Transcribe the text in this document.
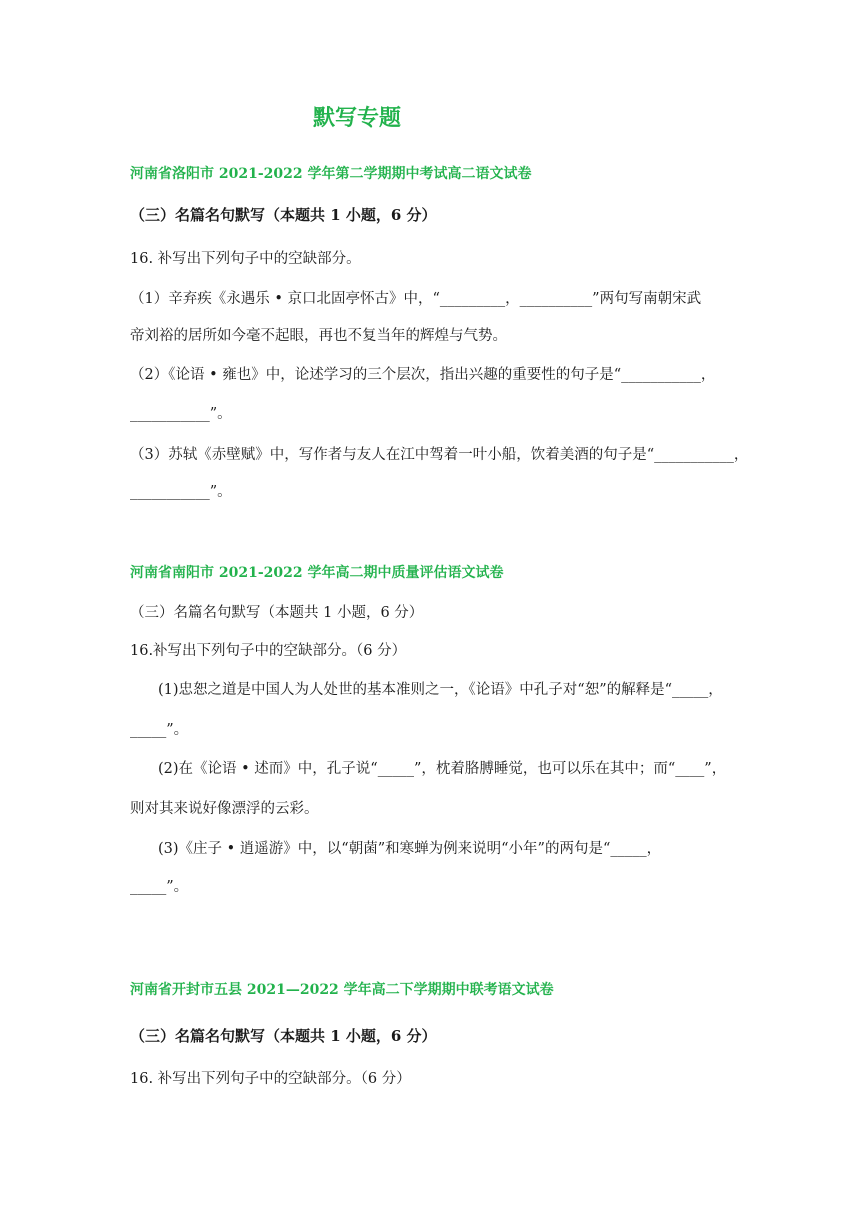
默写专题
河南省洛阳市 2021-2022 学年第二学期期中考试高二语文试卷
（三）名篇名句默写（本题共 1 小题，6 分）
16. 补写出下列句子中的空缺部分。
（1）辛弃疾《永遇乐 • 京口北固亭怀古》中，“_________，__________”两句写南朝宋武
帝刘裕的居所如今毫不起眼，再也不复当年的辉煌与气势。
（2）《论语 • 雍也》中，论述学习的三个层次，指出兴趣的重要性的句子是“___________，
___________”。
（3）苏轼《赤壁赋》中，写作者与友人在江中驾着一叶小船，饮着美酒的句子是“___________，
___________”。
河南省南阳市 2021-2022 学年高二期中质量评估语文试卷
（三）名篇名句默写（本题共 1 小题，6 分）
16.补写出下列句子中的空缺部分。（6 分）
(1)忠恕之道是中国人为人处世的基本准则之一，《论语》中孔子对“恕”的解释是“_____，
_____”。
(2)在《论语 • 述而》中，孔子说“_____”，枕着胳膊睡觉，也可以乐在其中；而“____”，
则对其来说好像漂浮的云彩。
(3)《庄子 • 逍遥游》中，以“朝菌”和寒蝉为例来说明“小年”的两句是“_____，
_____”。
河南省开封市五县 2021—2022 学年高二下学期期中联考语文试卷
（三）名篇名句默写（本题共 1 小题，6 分）
16. 补写出下列句子中的空缺部分。（6 分）
